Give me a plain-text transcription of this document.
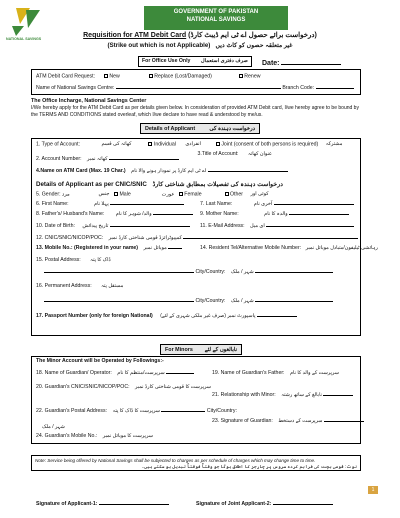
NATIONAL SAVINGS
GOVERNMENT OF PAKISTAN
NATIONAL SAVINGS
Requisition for ATM Debit Card (درخواست برائے حصول اے ٹی ایم ڈیبٹ کارڈ)
(Strike out which is not Applicable) غیر متعلقہ حصوں کو کاٹ دیں
For Office Use Only صرف دفتری استعمال Date:
ATM Debit Card Request:	New	Replace (Lost/Damaged)	Renew
Name of National Savings Centre:	Branch Code:
The Office Incharge, National Savings Center
I/We hereby apply for the ATM Debit Card as per details given below. In consideration of provided ATM Debit card, I/we hereby agree to be bound by the TERMS AND CONDITIONS stated overleaf, which I/we declare to have read & understood by me/us.
Details of Applicant	درخواست دہندہ کی
1. Type of Account:	کھاتہ کی قسم	Individual انفرادی	Joint (consent of both persons is required) مشترکہ
3.Title of Account: عنوان کھاتہ
2. Account Number: کھاتہ نمبر
4.Name on ATM Card (Max. 19 Char.) اے ٹی ایم کارڈ پر نمودار ہونے والا نام
Details of Applicant as per CNIC/SNIC درخواست دہندہ کی تفصیلات بمطابق شناختی کارڈ
5. Gender:	جنس  مرد	Male	عورت Female	Other کوئی اور
6. First Name:	پہلا نام	7. Last Name:	آخری نام
8. Father's/ Husband's Name: والد/ شوہر کا نام	9. Mother Name:	والدہ کا نام
10. Date of Birth: تاریخ پیدائش	11. E-Mail Address: ای میل
12. CNIC/SNIC/NICOP/POC: کمپیوٹرائزڈ قومی شناختی کارڈ نمبر
13. Mobile No.: (Registered in your name) موبائل نمبر	14. Resident Tel/Alternative Mobile Number: رہائشی ٹیلیفون/متبادل موبائل نمبر
15. Postal Address: ڈاک کا پتہ
City/Country: شہر / ملک
16. Permanent Address: مستقل پتہ
City/Country: شہر / ملک
17. Passport Number (only for foreign National) پاسپورٹ نمبر (صرف غیر ملکی شہری کے لئے)
For Minors نابالغوں کے لئے
The Minor Account will be Operated by Followings:-
18. Name of Guardian/ Operator: سرپرست/منتظم کا نام	19. Name of Guardian's Father: سرپرست کے والد کا نام
20. Guardian's CNIC/SNIC/NICOP/POC: سرپرست کا قومی شناختی کارڈ نمبر
21. Relationship with Minor: نابالغ کے ساتھ رشتہ
22. Guardian's Postal Address: سرپرست کا ڈاک کا پتہ	City/Country:
23. Signature of Guardian: سرپرست کے دستخط
شہر / ملک
24. Guardian's Mobile No.: سرپرست کا موبائل نمبر
Note: Service being offered by National Savings shall be subjected to charges as per schedule of charges which may change time to time.
نوٹ: قومی بچت کی فراہم کردہ سروس پر چارجز کا اطلاق ہوگا جو وقتاً فوقتاً تبدیل ہو سکتے ہیں۔
1
Signature of Applicant-1:	Signature of Joint Applicant-2:
